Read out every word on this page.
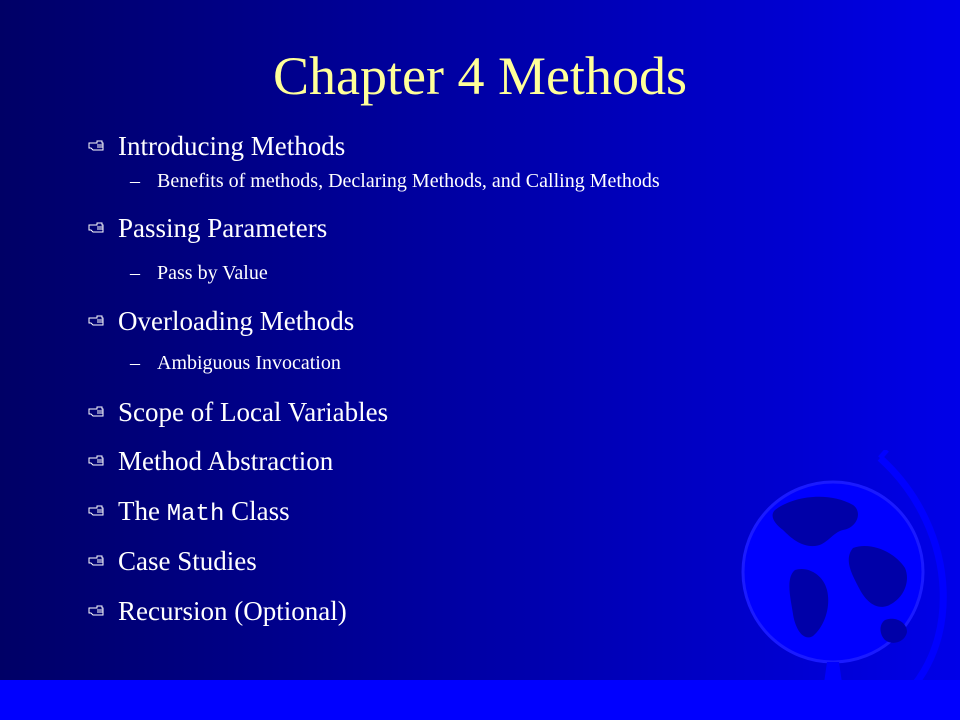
Chapter 4 Methods
Introducing Methods
– Benefits of methods, Declaring Methods, and Calling Methods
Passing Parameters
– Pass by Value
Overloading Methods
– Ambiguous Invocation
Scope of Local Variables
Method Abstraction
The Math Class
Case Studies
Recursion (Optional)
